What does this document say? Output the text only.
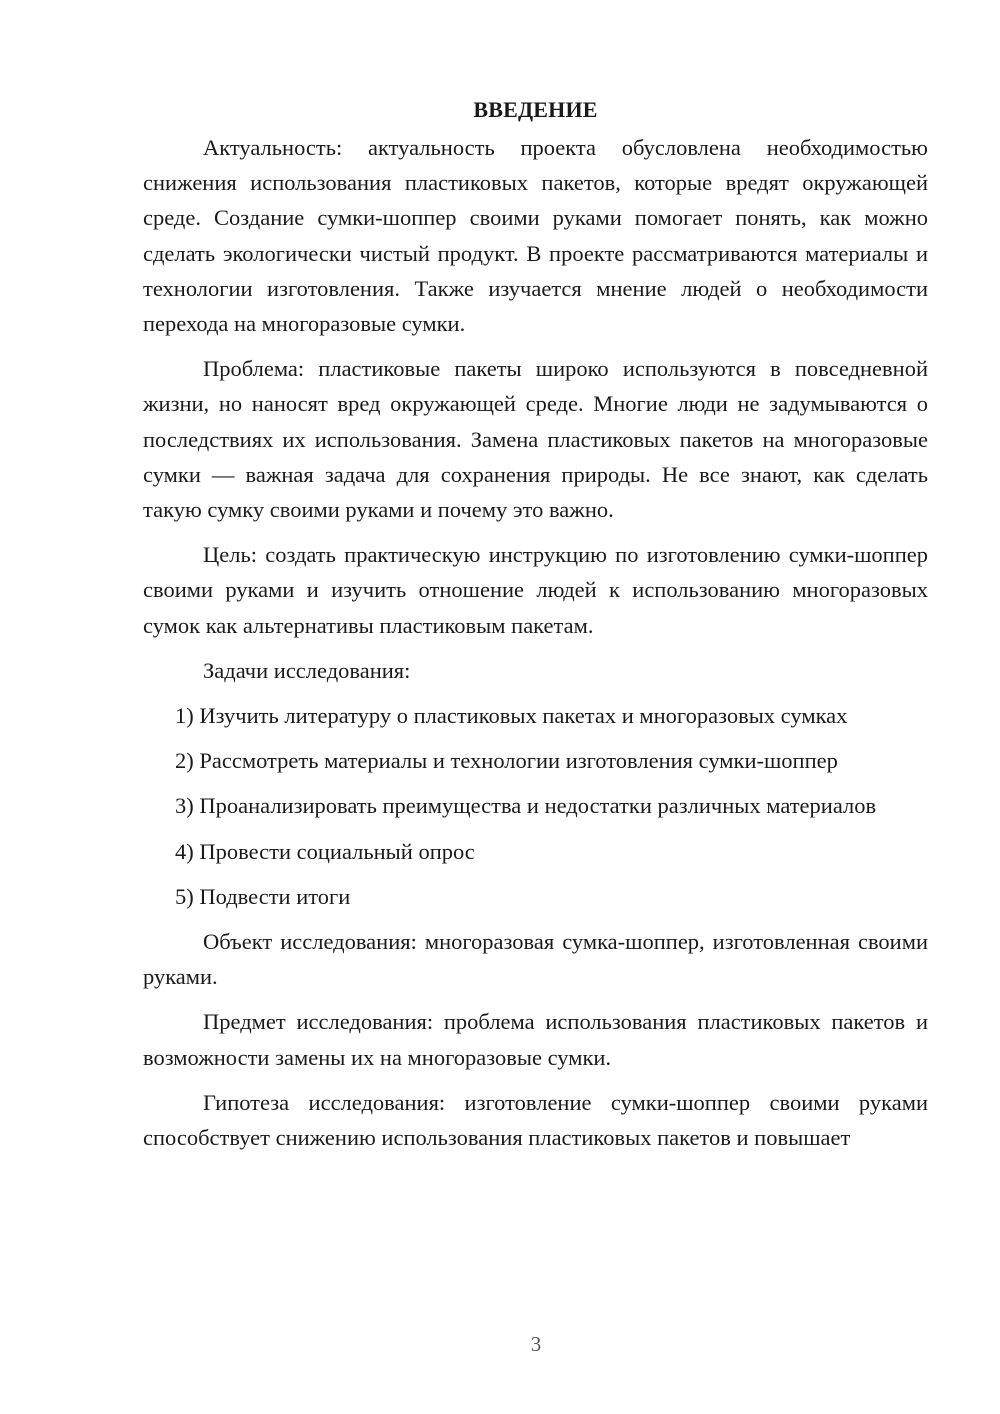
ВВЕДЕНИЕ

Актуальность: актуальность проекта обусловлена необходимостью снижения использования пластиковых пакетов, которые вредят окружающей среде. Создание сумки-шоппер своими руками помогает понять, как можно сделать экологически чистый продукт. В проекте рассматриваются материалы и технологии изготовления. Также изучается мнение людей о необходимости перехода на многоразовые сумки.

Проблема: пластиковые пакеты широко используются в повседневной жизни, но наносят вред окружающей среде. Многие люди не задумываются о последствиях их использования. Замена пластиковых пакетов на многоразовые сумки — важная задача для сохранения природы. Не все знают, как сделать такую сумку своими руками и почему это важно.

Цель: создать практическую инструкцию по изготовлению сумки-шоппер своими руками и изучить отношение людей к использованию многоразовых сумок как альтернативы пластиковым пакетам.

Задачи исследования:

1) Изучить литературу о пластиковых пакетах и многоразовых сумках

2) Рассмотреть материалы и технологии изготовления сумки-шоппер

3) Проанализировать преимущества и недостатки различных материалов

4) Провести социальный опрос

5) Подвести итоги

Объект исследования: многоразовая сумка-шоппер, изготовленная своими руками.

Предмет исследования: проблема использования пластиковых пакетов и возможности замены их на многоразовые сумки.

Гипотеза исследования: изготовление сумки-шоппер своими руками способствует снижению использования пластиковых пакетов и повышает

3
